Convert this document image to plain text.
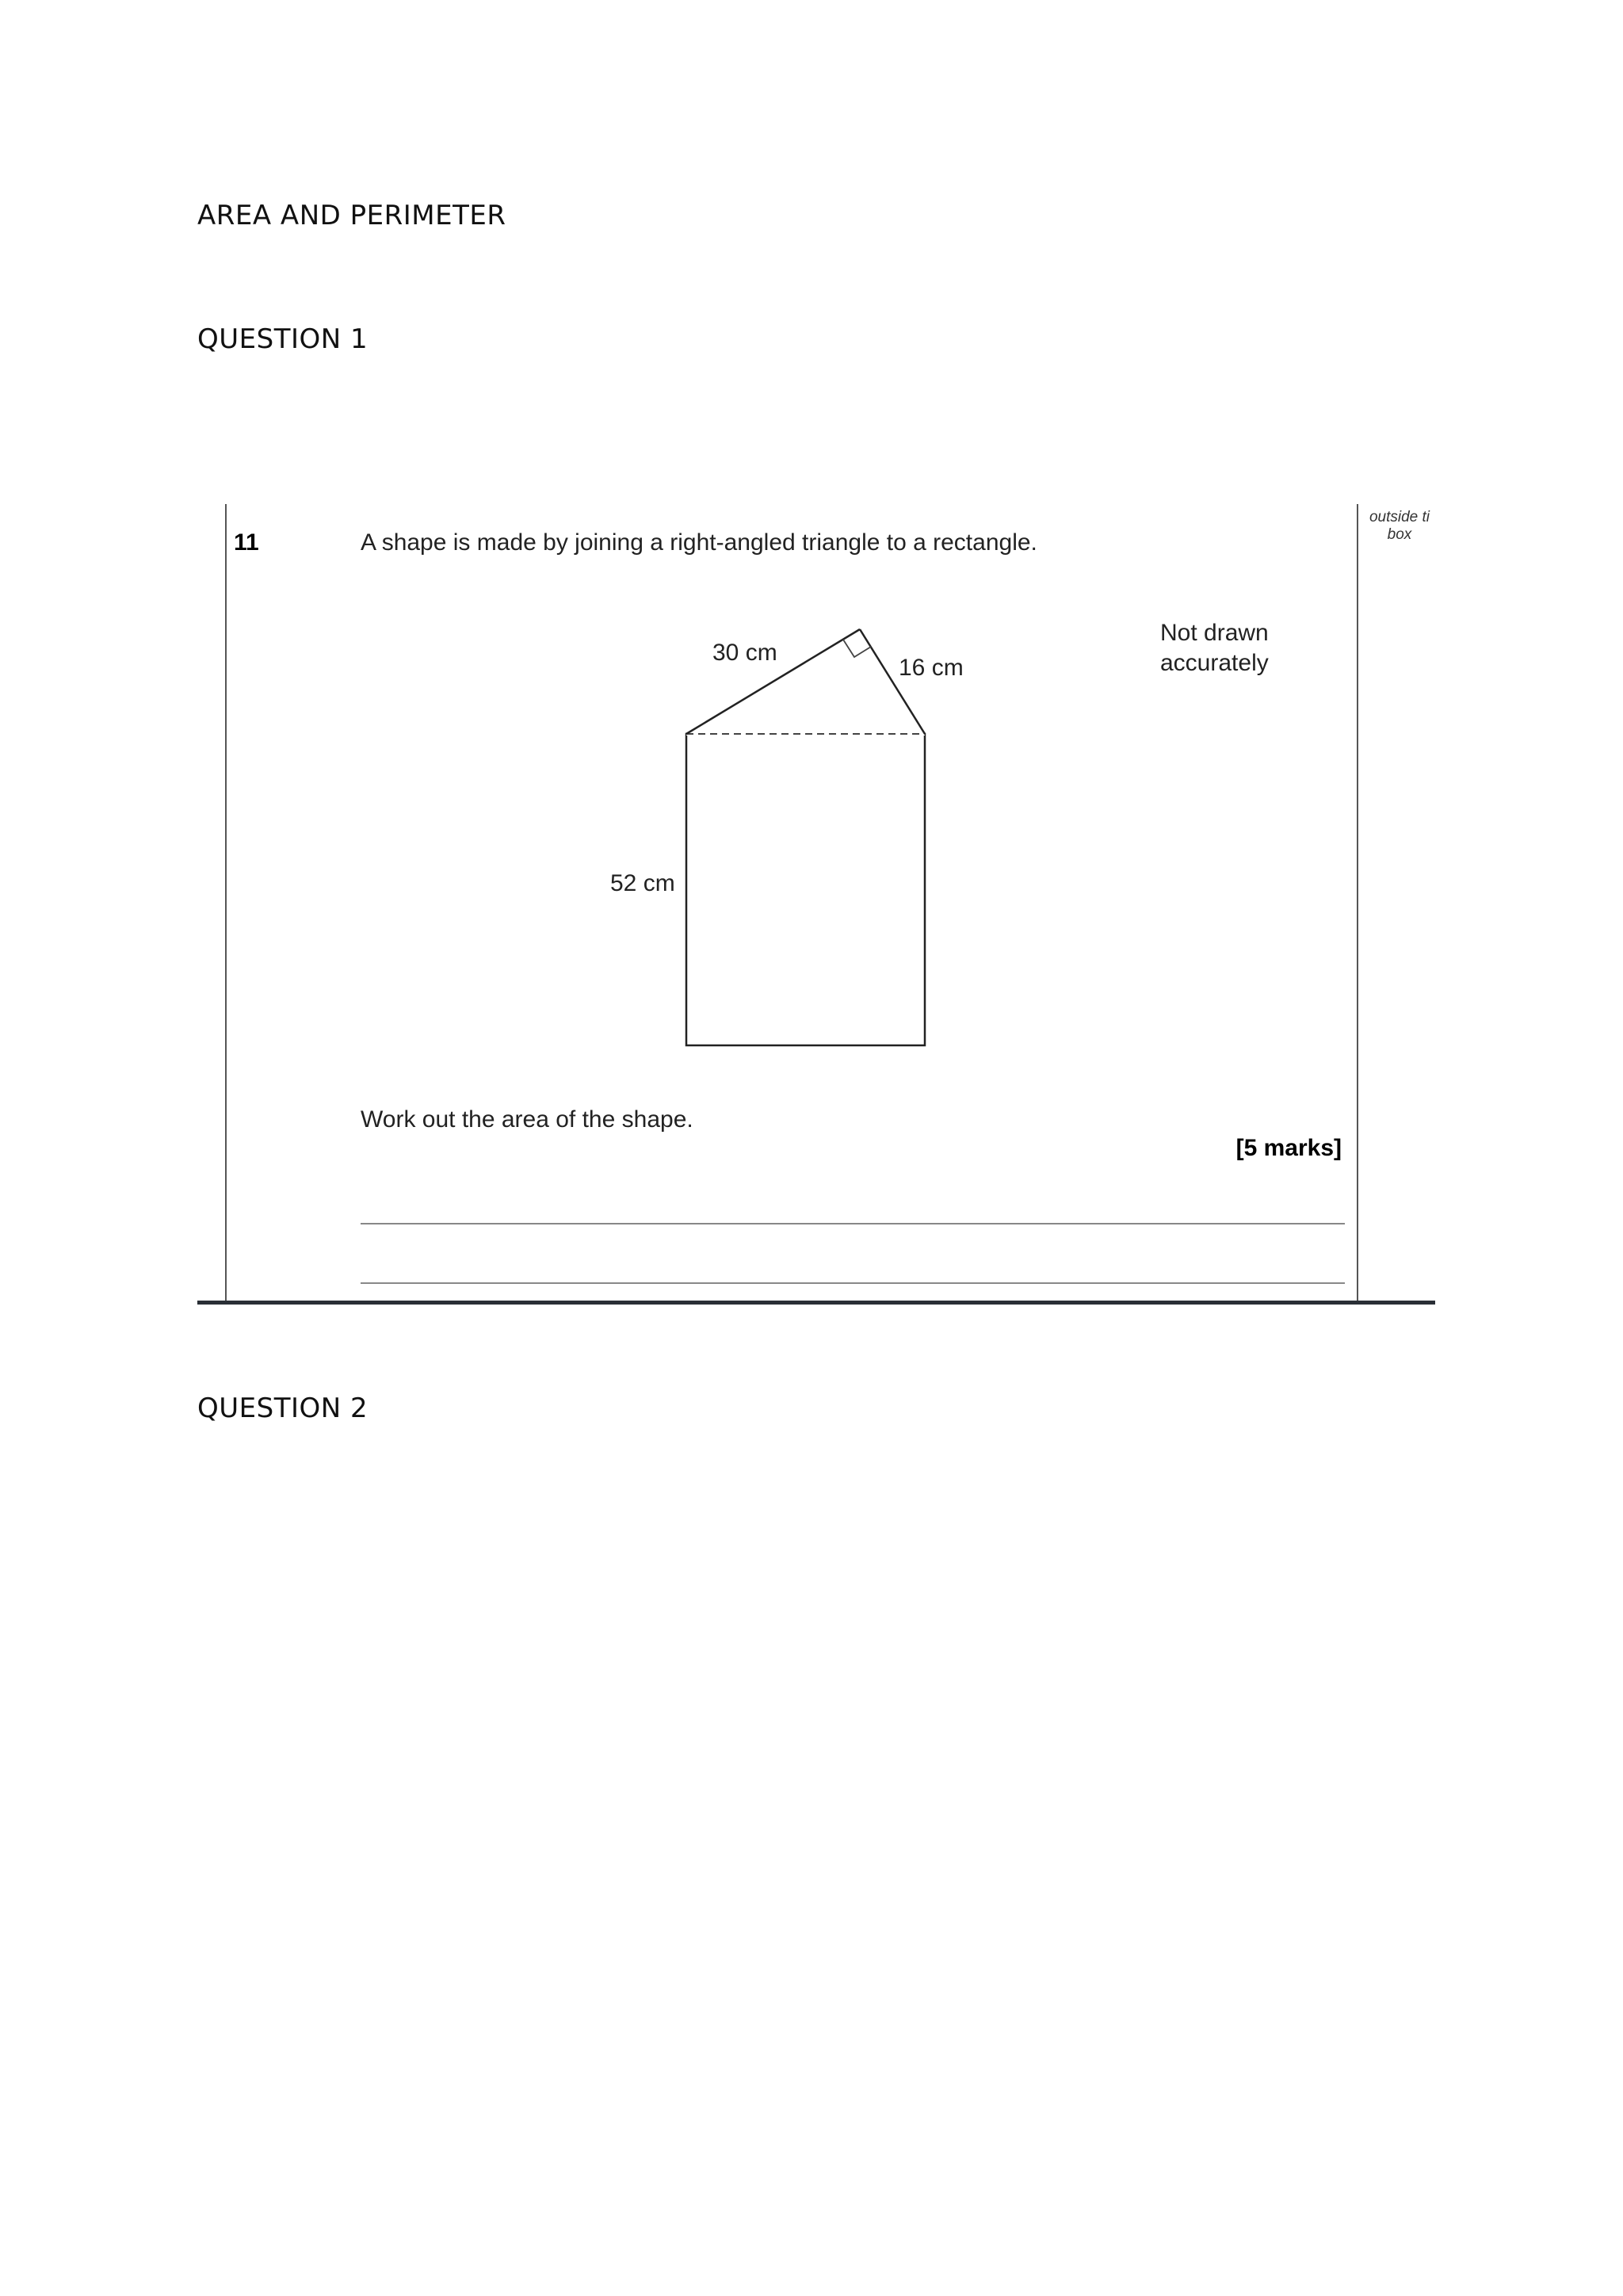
AREA AND PERIMETER
QUESTION 1
11	A shape is made by joining a right-angled triangle to a rectangle.
outside ti
box
Not drawn
accurately
30 cm
16 cm
52 cm
Work out the area of the shape.
[5 marks]
QUESTION 2
